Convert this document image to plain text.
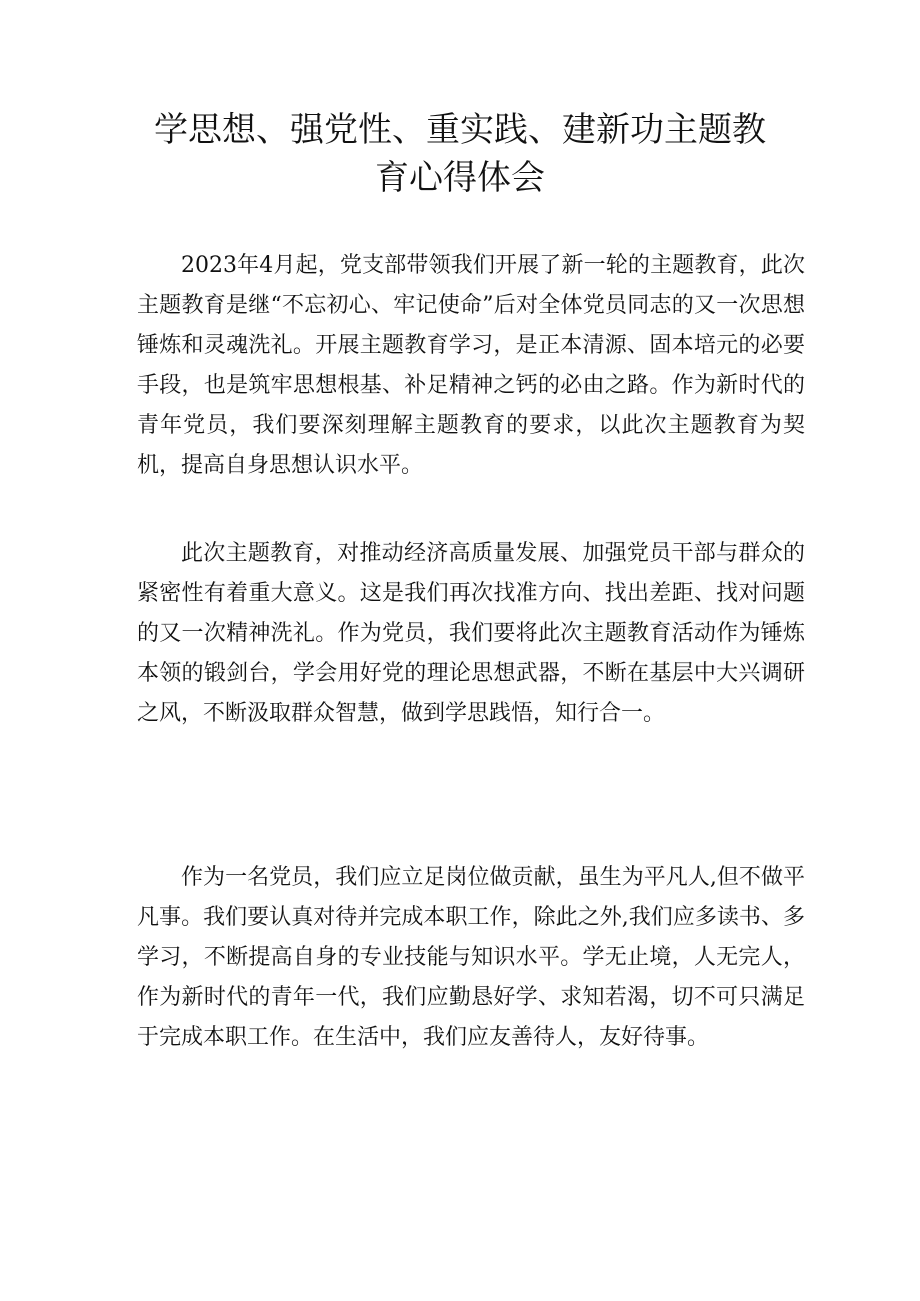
学思想、强党性、重实践、建新功主题教
育心得体会

2023年4月起，党支部带领我们开展了新一轮的主题教育，此次主题教育是继“不忘初心、牢记使命”后对全体党员同志的又一次思想锤炼和灵魂洗礼。开展主题教育学习，是正本清源、固本培元的必要手段，也是筑牢思想根基、补足精神之钙的必由之路。作为新时代的青年党员，我们要深刻理解主题教育的要求，以此次主题教育为契机，提高自身思想认识水平。

此次主题教育，对推动经济高质量发展、加强党员干部与群众的紧密性有着重大意义。这是我们再次找准方向、找出差距、找对问题的又一次精神洗礼。作为党员，我们要将此次主题教育活动作为锤炼本领的锻剑台，学会用好党的理论思想武器，不断在基层中大兴调研之风，不断汲取群众智慧，做到学思践悟，知行合一。

作为一名党员，我们应立足岗位做贡献，虽生为平凡人,但不做平凡事。我们要认真对待并完成本职工作，除此之外,我们应多读书、多学习，不断提高自身的专业技能与知识水平。学无止境，人无完人，作为新时代的青年一代，我们应勤恳好学、求知若渴，切不可只满足于完成本职工作。在生活中，我们应友善待人，友好待事。
